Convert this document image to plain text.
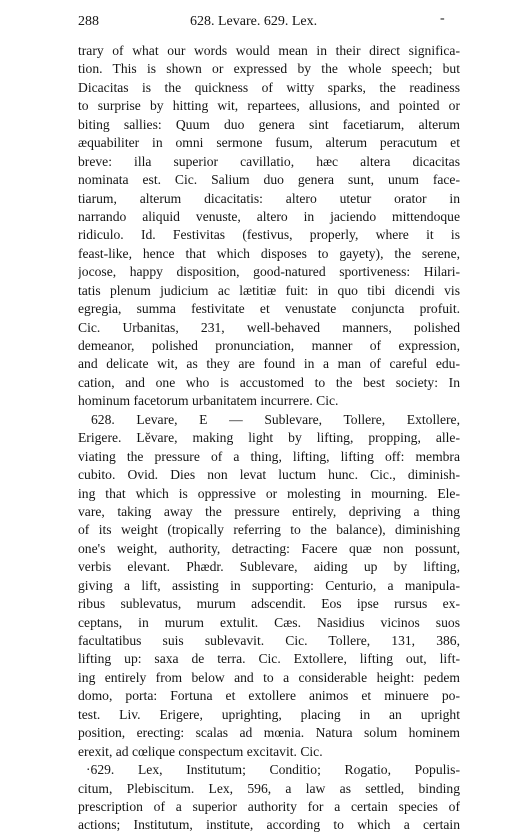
288	628. Levare. 629. Lex.	-
trary of what our words would mean in their direct significa-
tion. This is shown or expressed by the whole speech; but
Dicacitas is the quickness of witty sparks, the readiness
to surprise by hitting wit, repartees, allusions, and pointed or
biting sallies: Quum duo genera sint facetiarum, alterum
æquabiliter in omni sermone fusum, alterum peracutum et
breve: illa superior cavillatio, hæc altera dicacitas
nominata est. Cic. Salium duo genera sunt, unum face-
tiarum, alterum dicacitatis: altero utetur orator in
narrando aliquid venuste, altero in jaciendo mittendoque
ridiculo. Id. Festivitas (festivus, properly, where it is
feast-like, hence that which disposes to gayety), the serene,
jocose, happy disposition, good-natured sportiveness: Hilari-
tatis plenum judicium ac lætitiæ fuit: in quo tibi dicendi vis
egregia, summa festivitate et venustate conjuncta profuit.
Cic. Urbanitas, 231, well-behaved manners, polished
demeanor, polished pronunciation, manner of expression,
and delicate wit, as they are found in a man of careful edu-
cation, and one who is accustomed to the best society: In
hominum facetorum urbanitatem incurrere. Cic.
628. Levare, E — Sublevare, Tollere, Extollere,
Erigere. Lĕvare, making light by lifting, propping, alle-
viating the pressure of a thing, lifting, lifting off: membra
cubito. Ovid. Dies non levat luctum hunc. Cic., diminish-
ing that which is oppressive or molesting in mourning. Ele-
vare, taking away the pressure entirely, depriving a thing
of its weight (tropically referring to the balance), diminishing
one's weight, authority, detracting: Facere quæ non possunt,
verbis elevant. Phædr. Sublevare, aiding up by lifting,
giving a lift, assisting in supporting: Centurio, a manipula-
ribus sublevatus, murum adscendit. Eos ipse rursus ex-
ceptans, in murum extulit. Cæs. Nasidius vicinos suos
facultatibus suis sublevavit. Cic. Tollere, 131, 386,
lifting up: saxa de terra. Cic. Extollere, lifting out, lift-
ing entirely from below and to a considerable height: pedem
domo, porta: Fortuna et extollere animos et minuere po-
test. Liv. Erigere, uprighting, placing in an upright
position, erecting: scalas ad mœnia. Natura solum hominem
erexit, ad cœlique conspectum excitavit. Cic.
·629. Lex, Institutum; Conditio; Rogatio, Populis-
citum, Plebiscitum. Lex, 596, a law as settled, binding
prescription of a superior authority for a certain species of
actions; Institutum, institute, according to which a certain
